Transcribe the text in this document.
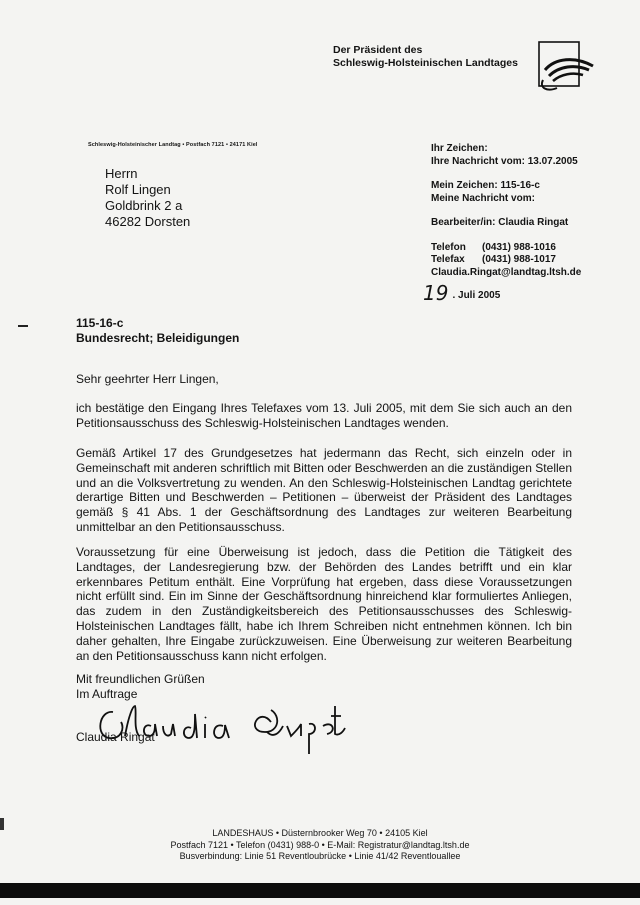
Der Präsident des
Schleswig-Holsteinischen Landtages
Schleswig-Holsteinischer Landtag • Postfach 7121 • 24171 Kiel
Herrn
Rolf Lingen
Goldbrink 2 a
46282 Dorsten
Ihr Zeichen:
Ihre Nachricht vom: 13.07.2005
Mein Zeichen: 115-16-c
Meine Nachricht vom:
Bearbeiter/in: Claudia Ringat
Telefon (0431) 988-1016
Telefax (0431) 988-1017
Claudia.Ringat@landtag.ltsh.de
19 . Juli 2005
115-16-c
Bundesrecht; Beleidigungen
Sehr geehrter Herr Lingen,
ich bestätige den Eingang Ihres Telefaxes vom 13. Juli 2005, mit dem Sie sich auch an den Petitionsausschuss des Schleswig-Holsteinischen Landtages wenden.
Gemäß Artikel 17 des Grundgesetzes hat jedermann das Recht, sich einzeln oder in Gemeinschaft mit anderen schriftlich mit Bitten oder Beschwerden an die zuständigen Stellen und an die Volksvertretung zu wenden. An den Schleswig-Holsteinischen Landtag gerichtete derartige Bitten und Beschwerden – Petitionen – überweist der Präsident des Landtages gemäß § 41 Abs. 1 der Geschäftsordnung des Landtages zur weiteren Bearbeitung unmittelbar an den Petitionsausschuss.
Voraussetzung für eine Überweisung ist jedoch, dass die Petition die Tätigkeit des Landtages, der Landesregierung bzw. der Behörden des Landes betrifft und ein klar erkennbares Petitum enthält. Eine Vorprüfung hat ergeben, dass diese Voraussetzungen nicht erfüllt sind. Ein im Sinne der Geschäftsordnung hinreichend klar formuliertes Anliegen, das zudem in den Zuständigkeitsbereich des Petitionsausschusses des Schleswig-Holsteinischen Landtages fällt, habe ich Ihrem Schreiben nicht entnehmen können. Ich bin daher gehalten, Ihre Eingabe zurückzuweisen. Eine Überweisung zur weiteren Bearbeitung an den Petitionsausschuss kann nicht erfolgen.
Mit freundlichen Grüßen
Im Auftrage
Claudia Ringat
LANDESHAUS • Düsternbrooker Weg 70 • 24105 Kiel
Postfach 7121 • Telefon (0431) 988-0 • E-Mail: Registratur@landtag.ltsh.de
Busverbindung: Linie 51 Reventloubrücke • Linie 41/42 Reventlouallee
